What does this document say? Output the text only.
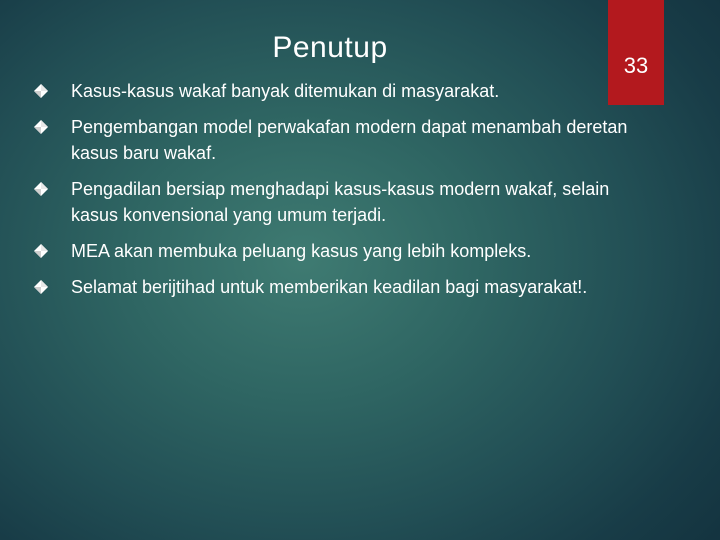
Penutup
33
Kasus-kasus wakaf banyak ditemukan di masyarakat.
Pengembangan model perwakafan modern dapat menambah deretan kasus baru wakaf.
Pengadilan bersiap menghadapi kasus-kasus modern wakaf, selain kasus konvensional yang umum terjadi.
MEA akan membuka peluang kasus yang lebih kompleks.
Selamat berijtihad untuk memberikan keadilan bagi masyarakat!.
